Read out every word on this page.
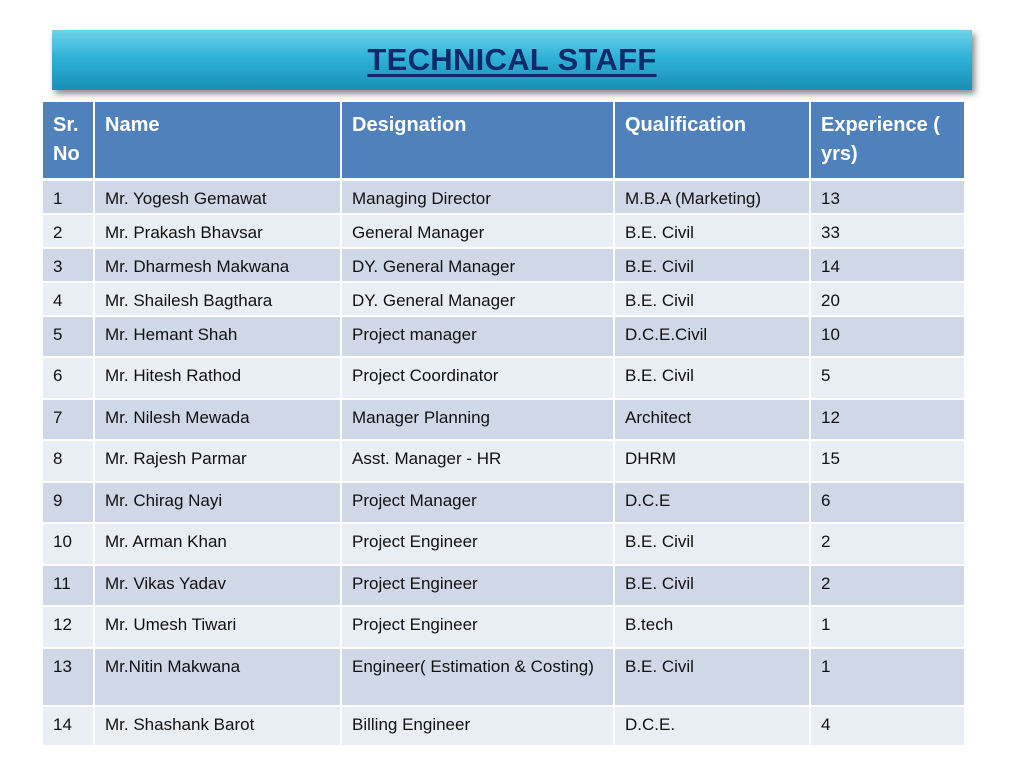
TECHNICAL STAFF
Sr. No	Name	Designation	Qualification	Experience ( yrs)
1	Mr. Yogesh Gemawat	Managing Director	M.B.A (Marketing)	13
2	Mr. Prakash Bhavsar	General Manager	B.E. Civil	33
3	Mr. Dharmesh Makwana	DY. General Manager	B.E. Civil	14
4	Mr. Shailesh Bagthara	DY. General Manager	B.E. Civil	20
5	Mr. Hemant Shah	Project manager	D.C.E.Civil	10
6	Mr. Hitesh Rathod	Project Coordinator	B.E. Civil	5
7	Mr. Nilesh Mewada	Manager Planning	Architect	12
8	Mr. Rajesh Parmar	Asst. Manager - HR	DHRM	15
9	Mr. Chirag Nayi	Project Manager	D.C.E	6
10	Mr. Arman Khan	Project Engineer	B.E. Civil	2
11	Mr. Vikas Yadav	Project Engineer	B.E. Civil	2
12	Mr. Umesh Tiwari	Project Engineer	B.tech	1
13	Mr.Nitin Makwana	Engineer( Estimation & Costing)	B.E. Civil	1
14	Mr. Shashank Barot	Billing Engineer	D.C.E.	4
